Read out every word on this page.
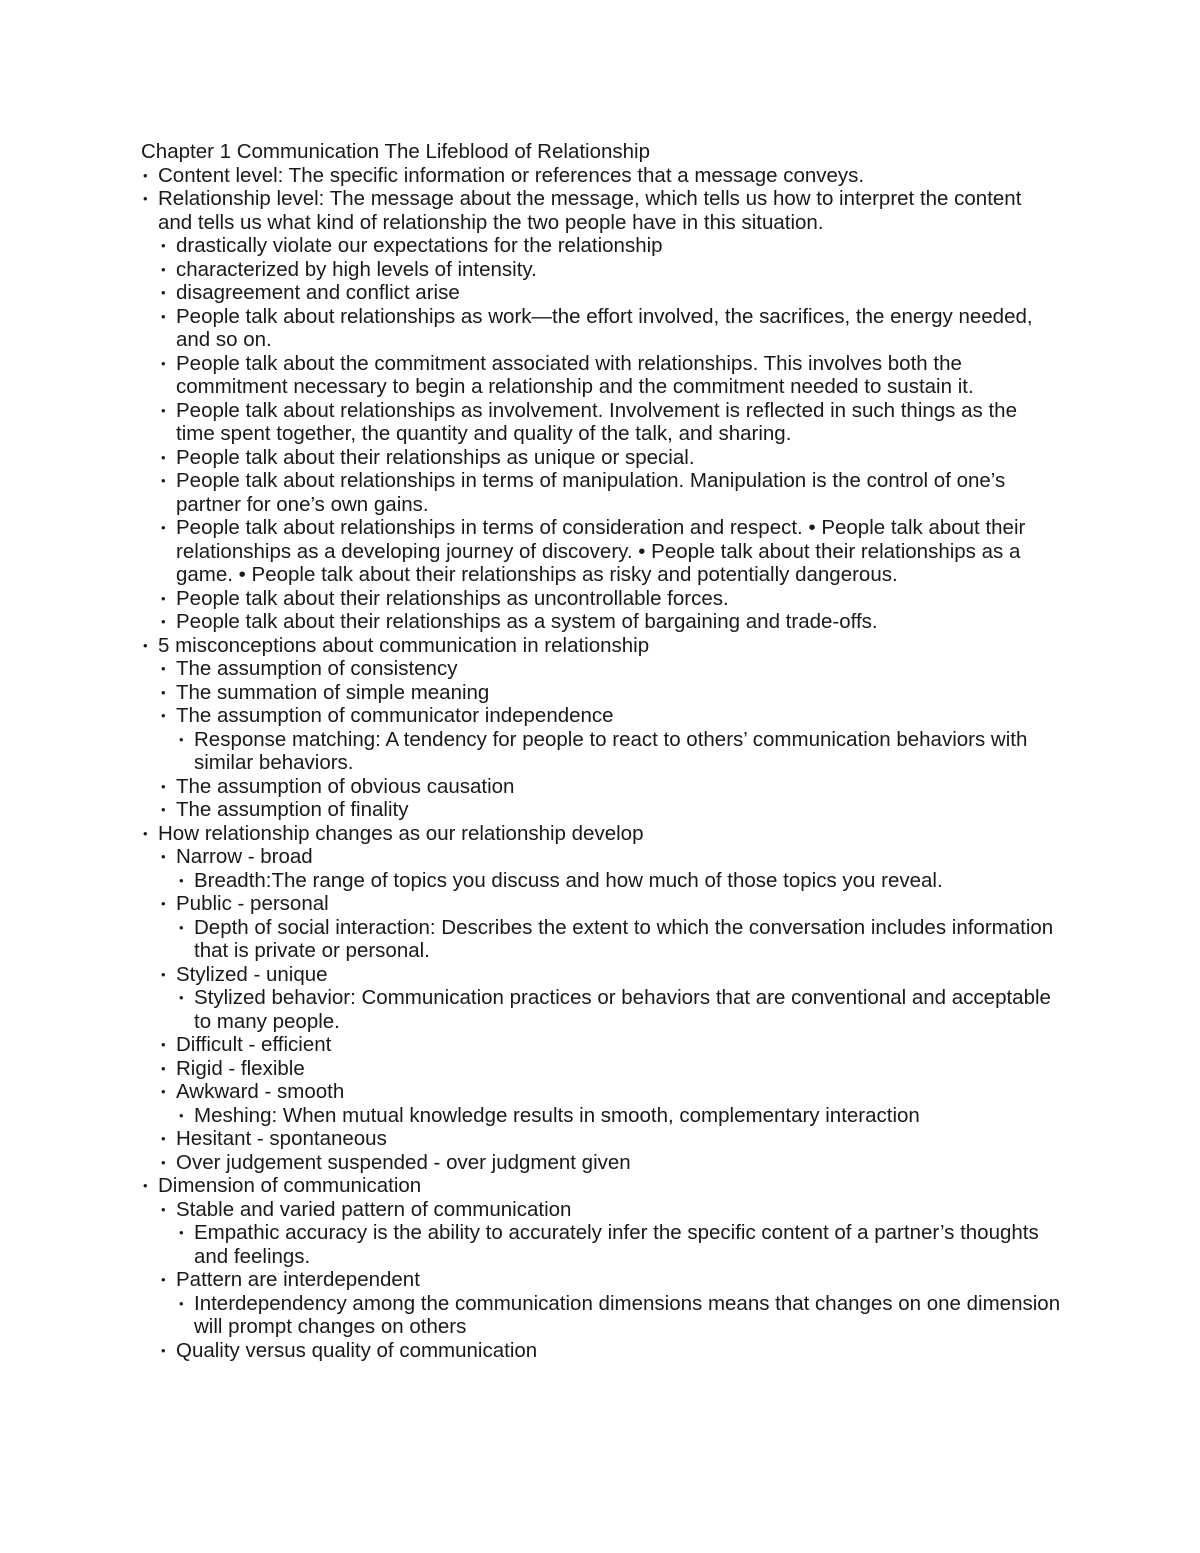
Chapter 1 Communication The Lifeblood of Relationship
• Content level: The specific information or references that a message conveys.
• Relationship level: The message about the message, which tells us how to interpret the content and tells us what kind of relationship the two people have in this situation.
• drastically violate our expectations for the relationship
• characterized by high levels of intensity.
• disagreement and conflict arise
• People talk about relationships as work—the effort involved, the sacrifices, the energy needed, and so on.
• People talk about the commitment associated with relationships. This involves both the commitment necessary to begin a relationship and the commitment needed to sustain it.
• People talk about relationships as involvement. Involvement is reflected in such things as the time spent together, the quantity and quality of the talk, and sharing.
• People talk about their relationships as unique or special.
• People talk about relationships in terms of manipulation. Manipulation is the control of one’s partner for one’s own gains.
• People talk about relationships in terms of consideration and respect. • People talk about their relationships as a developing journey of discovery. • People talk about their relationships as a game. • People talk about their relationships as risky and potentially dangerous.
• People talk about their relationships as uncontrollable forces.
• People talk about their relationships as a system of bargaining and trade-offs.
• 5 misconceptions about communication in relationship
• The assumption of consistency
• The summation of simple meaning
• The assumption of communicator independence
• Response matching: A tendency for people to react to others’ communication behaviors with similar behaviors.
• The assumption of obvious causation
• The assumption of finality
• How relationship changes as our relationship develop
• Narrow - broad
• Breadth:The range of topics you discuss and how much of those topics you reveal.
• Public - personal
• Depth of social interaction: Describes the extent to which the conversation includes information that is private or personal.
• Stylized - unique
• Stylized behavior: Communication practices or behaviors that are conventional and acceptable to many people.
• Difficult - efficient
• Rigid - flexible
• Awkward - smooth
• Meshing: When mutual knowledge results in smooth, complementary interaction
• Hesitant - spontaneous
• Over judgement suspended - over judgment given
• Dimension of communication
• Stable and varied pattern of communication
• Empathic accuracy is the ability to accurately infer the specific content of a partner’s thoughts and feelings.
• Pattern are interdependent
• Interdependency among the communication dimensions means that changes on one dimension will prompt changes on others
• Quality versus quality of communication
